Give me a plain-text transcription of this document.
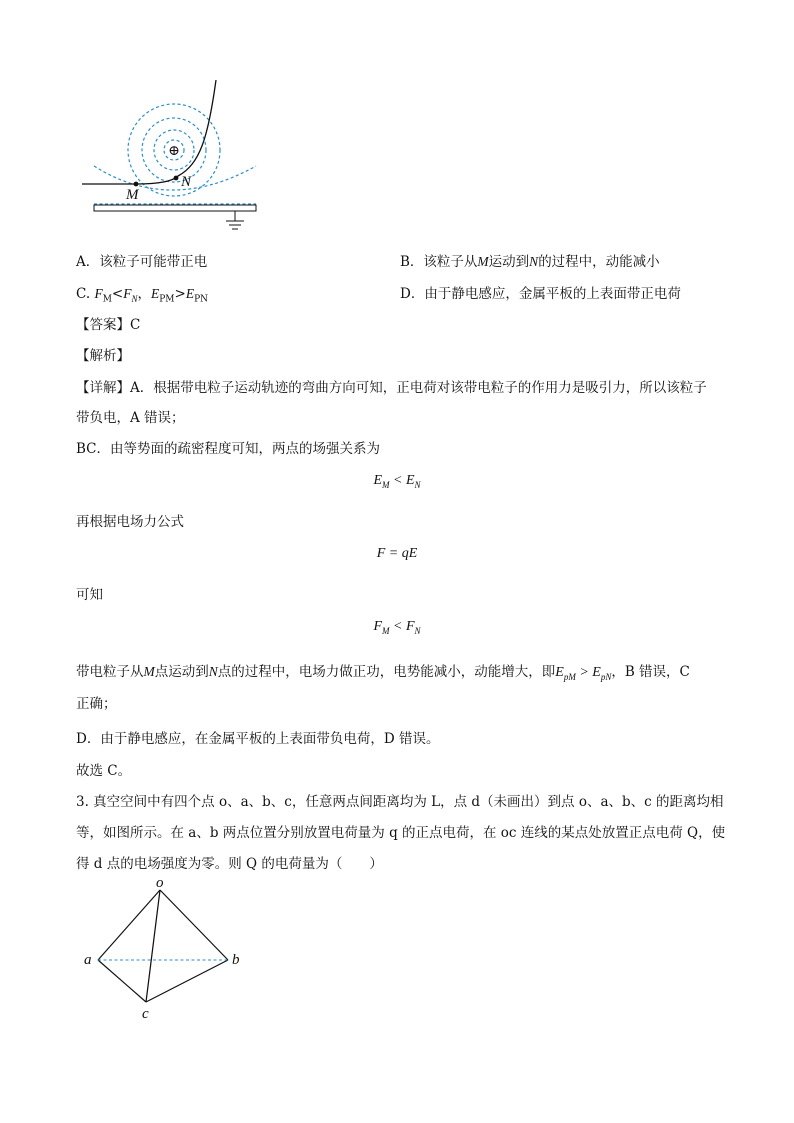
⊕
M
N
A．该粒子可能带正电	B．该粒子从M运动到N的过程中，动能减小
C. $F_M<F_N$，$E_{PM}>E_{PN}$	D．由于静电感应，金属平板的上表面带正电荷
【答案】C
【解析】
【详解】A．根据带电粒子运动轨迹的弯曲方向可知，正电荷对该带电粒子的作用力是吸引力，所以该粒子
带负电，A 错误；
BC．由等势面的疏密程度可知，两点的场强关系为
$E_M < E_N$
再根据电场力公式
F = qE
可知
$F_M < F_N$
带电粒子从M点运动到N点的过程中，电场力做正功，电势能减小，动能增大，即$E_{pM} > E_{pN}$，B 错误，C
正确；
D．由于静电感应，在金属平板的上表面带负电荷，D 错误。
故选 C。
3. 真空空间中有四个点 o、a、b、c，任意两点间距离均为 L，点 d（未画出）到点 o、a、b、c 的距离均相
等，如图所示。在 a、b 两点位置分别放置电荷量为 q 的正点电荷，在 oc 连线的某点处放置正点电荷 Q，使
得 d 点的电场强度为零。则 Q 的电荷量为（　　）
o
a	b
c
